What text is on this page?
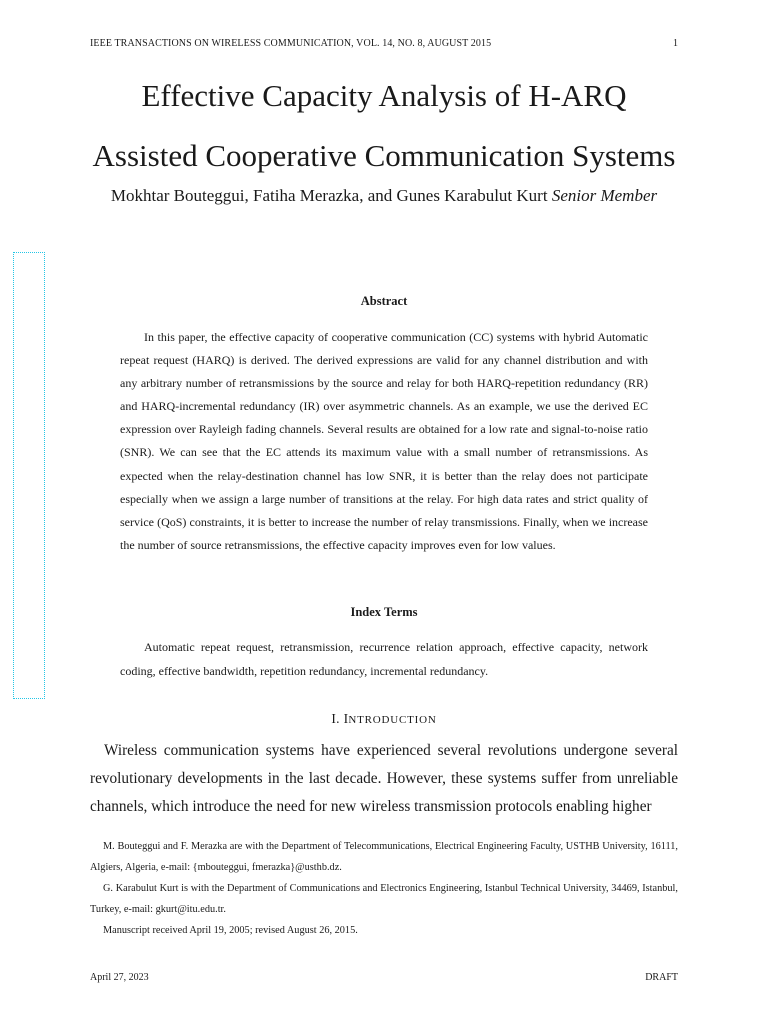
IEEE TRANSACTIONS ON WIRELESS COMMUNICATION, VOL. 14, NO. 8, AUGUST 2015	1
Effective Capacity Analysis of H-ARQ
Assisted Cooperative Communication Systems
Mokhtar Bouteggui, Fatiha Merazka, and Gunes Karabulut Kurt Senior Member
Abstract

In this paper, the effective capacity of cooperative communication (CC) systems with hybrid Automatic repeat request (HARQ) is derived. The derived expressions are valid for any channel distribution and with any arbitrary number of retransmissions by the source and relay for both HARQ-repetition redundancy (RR) and HARQ-incremental redundancy (IR) over asymmetric channels. As an example, we use the derived EC expression over Rayleigh fading channels. Several results are obtained for a low rate and signal-to-noise ratio (SNR). We can see that the EC attends its maximum value with a small number of retransmissions. As expected when the relay-destination channel has low SNR, it is better than the relay does not participate especially when we assign a large number of transitions at the relay. For high data rates and strict quality of service (QoS) constraints, it is better to increase the number of relay transmissions. Finally, when we increase the number of source retransmissions, the effective capacity improves even for low values.

Index Terms

Automatic repeat request, retransmission, recurrence relation approach, effective capacity, network coding, effective bandwidth, repetition redundancy, incremental redundancy.

I. INTRODUCTION

Wireless communication systems have experienced several revolutions undergone several revolutionary developments in the last decade. However, these systems suffer from unreliable channels, which introduce the need for new wireless transmission protocols enabling higher

M. Bouteggui and F. Merazka are with the Department of Telecommunications, Electrical Engineering Faculty, USTHB University, 16111, Algiers, Algeria, e-mail: {mbouteggui, fmerazka}@usthb.dz.

G. Karabulut Kurt is with the Department of Communications and Electronics Engineering, Istanbul Technical University, 34469, Istanbul, Turkey, e-mail: gkurt@itu.edu.tr.

Manuscript received April 19, 2005; revised August 26, 2015.

April 27, 2023	DRAFT
